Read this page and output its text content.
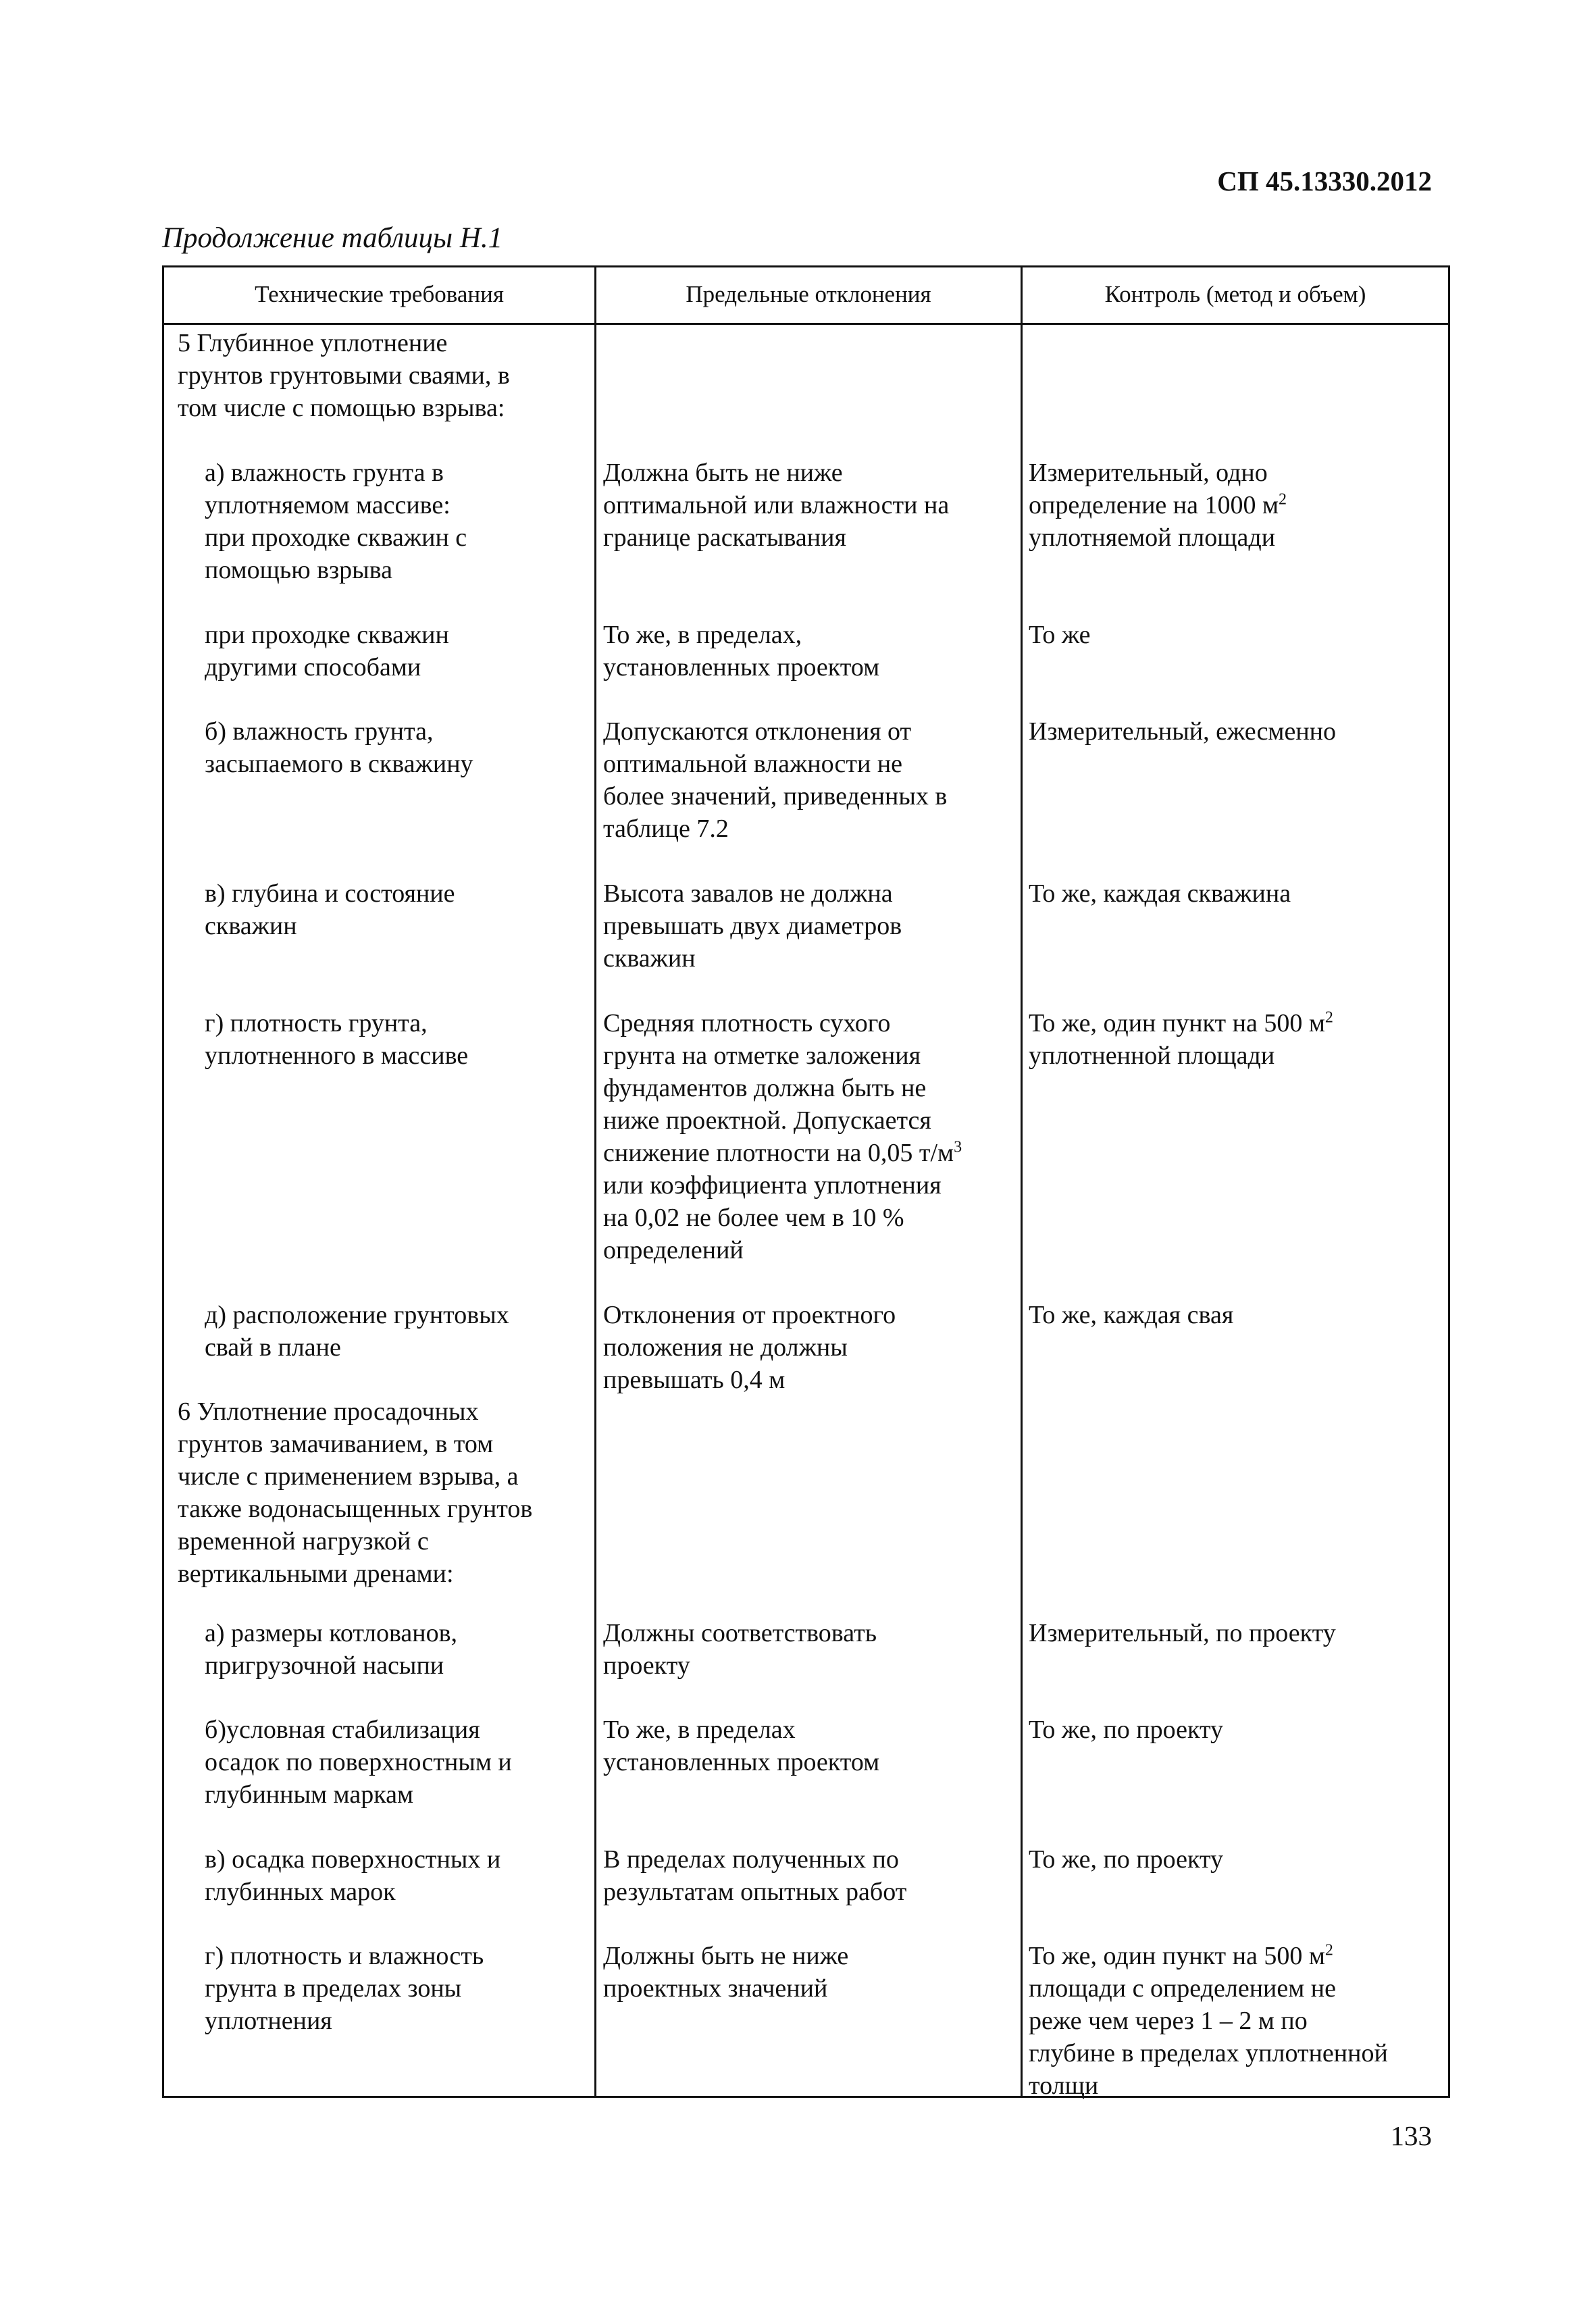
СП 45.13330.2012
Продолжение таблицы Н.1
Технические требования	Предельные отклонения	Контроль (метод и объем)
5 Глубинное уплотнение
грунтов грунтовыми сваями, в
том числе с помощью взрыва:
а) влажность грунта в
уплотняемом массиве:
при проходке скважин с
помощью взрыва
Должна быть не ниже
оптимальной или влажности на
границе раскатывания
Измерительный, одно
определение на 1000 $м^2$
уплотняемой площади
при проходке скважин
другими способами
То же, в пределах,
установленных проектом
То же
б) влажность грунта,
засыпаемого в скважину
Допускаются отклонения от
оптимальной влажности не
более значений, приведенных в
таблице 7.2
Измерительный, ежесменно
в) глубина и состояние
скважин
Высота завалов не должна
превышать двух диаметров
скважин
То же, каждая скважина
г) плотность грунта,
уплотненного в массиве
Средняя плотность сухого
грунта на отметке заложения
фундаментов должна быть не
ниже проектной. Допускается
снижение плотности на 0,05 $т/м^3$
или коэффициента уплотнения
на 0,02 не более чем в 10 %
определений
То же, один пункт на 500 $м^2$
уплотненной площади
д) расположение грунтовых
свай в плане
Отклонения от проектного
положения не должны
превышать 0,4 м
То же, каждая свая
6 Уплотнение просадочных
грунтов замачиванием, в том
числе с применением взрыва, а
также водонасыщенных грунтов
временной нагрузкой с
вертикальными дренами:
а) размеры котлованов,
пригрузочной насыпи
Должны соответствовать
проекту
Измерительный, по проекту
б)условная стабилизация
осадок по поверхностным и
глубинным маркам
То же, в пределах
установленных проектом
То же, по проекту
в) осадка поверхностных и
глубинных марок
В пределах полученных по
результатам опытных работ
То же, по проекту
г) плотность и влажность
грунта в пределах зоны
уплотнения
Должны быть не ниже
проектных значений
То же, один пункт на 500 $м^2$
площади с определением не
реже чем через 1 – 2 м по
глубине в пределах уплотненной
толщи
133
